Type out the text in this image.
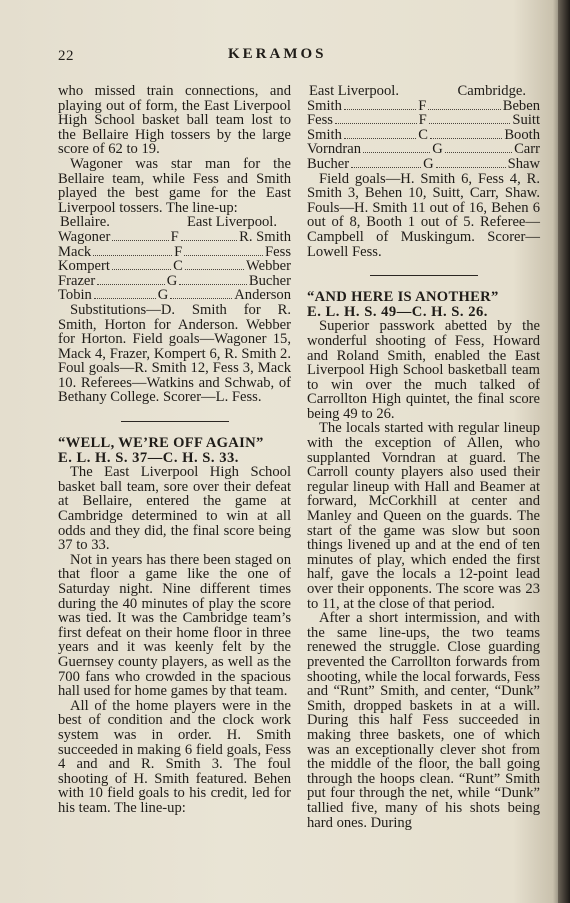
22	KERAMOS

who missed train connections, and playing out of form, the East Liverpool High School basket ball team lost to the Bellaire High tossers by the large score of 62 to 19.

Wagoner was star man for the Bellaire team, while Fess and Smith played the best game for the East Liverpool tossers. The line-up:

Bellaire.	East Liverpool.
Wagoner	F	R. Smith
Mack	F	Fess
Kompert	C	Webber
Frazer	G	Bucher
Tobin	G	Anderson

Substitutions—D. Smith for R. Smith, Horton for Anderson. Webber for Horton. Field goals—Wagoner 15, Mack 4, Frazer, Kompert 6, R. Smith 2. Foul goals—R. Smith 12, Fess 3, Mack 10. Referees—Watkins and Schwab, of Bethany College. Scorer—L. Fess.

“WELL, WE’RE OFF AGAIN”

E. L. H. S. 37—C. H. S. 33.

The East Liverpool High School basket ball team, sore over their defeat at Bellaire, entered the game at Cambridge determined to win at all odds and they did, the final score being 37 to 33.

Not in years has there been staged on that floor a game like the one of Saturday night. Nine different times during the 40 minutes of play the score was tied. It was the Cambridge team’s first defeat on their home floor in three years and it was keenly felt by the Guernsey county players, as well as the 700 fans who crowded in the spacious hall used for home games by that team.

All of the home players were in the best of condition and the clock work system was in order. H. Smith succeeded in making 6 field goals, Fess 4 and and R. Smith 3. The foul shooting of H. Smith featured. Behen with 10 field goals to his credit, led for his team. The line-up:

East Liverpool.	Cambridge.
Smith	F	Beben
Fess	F	Suitt
Smith	C	Booth
Vorndran	G	Carr
Bucher	G	Shaw

Field goals—H. Smith 6, Fess 4, R. Smith 3, Behen 10, Suitt, Carr, Shaw. Fouls—H. Smith 11 out of 16, Behen 6 out of 8, Booth 1 out of 5. Referee—Campbell of Muskingum. Scorer—Lowell Fess.

“AND HERE IS ANOTHER”

E. L. H. S. 49—C. H. S. 26.

Superior passwork abetted by the wonderful shooting of Fess, Howard and Roland Smith, enabled the East Liverpool High School basketball team to win over the much talked of Carrollton High quintet, the final score being 49 to 26.

The locals started with regular lineup with the exception of Allen, who supplanted Vorndran at guard. The Carroll county players also used their regular lineup with Hall and Beamer at forward, McCorkhill at center and Manley and Queen on the guards. The start of the game was slow but soon things livened up and at the end of ten minutes of play, which ended the first half, gave the locals a 12-point lead over their opponents. The score was 23 to 11, at the close of that period.

After a short intermission, and with the same line-ups, the two teams renewed the struggle. Close guarding prevented the Carrollton forwards from shooting, while the local forwards, Fess and “Runt” Smith, and center, “Dunk” Smith, dropped baskets in at a will. During this half Fess succeeded in making three baskets, one of which was an exceptionally clever shot from the middle of the floor, the ball going through the hoops clean. “Runt” Smith put four through the net, while “Dunk” tallied five, many of his shots being hard ones. During
